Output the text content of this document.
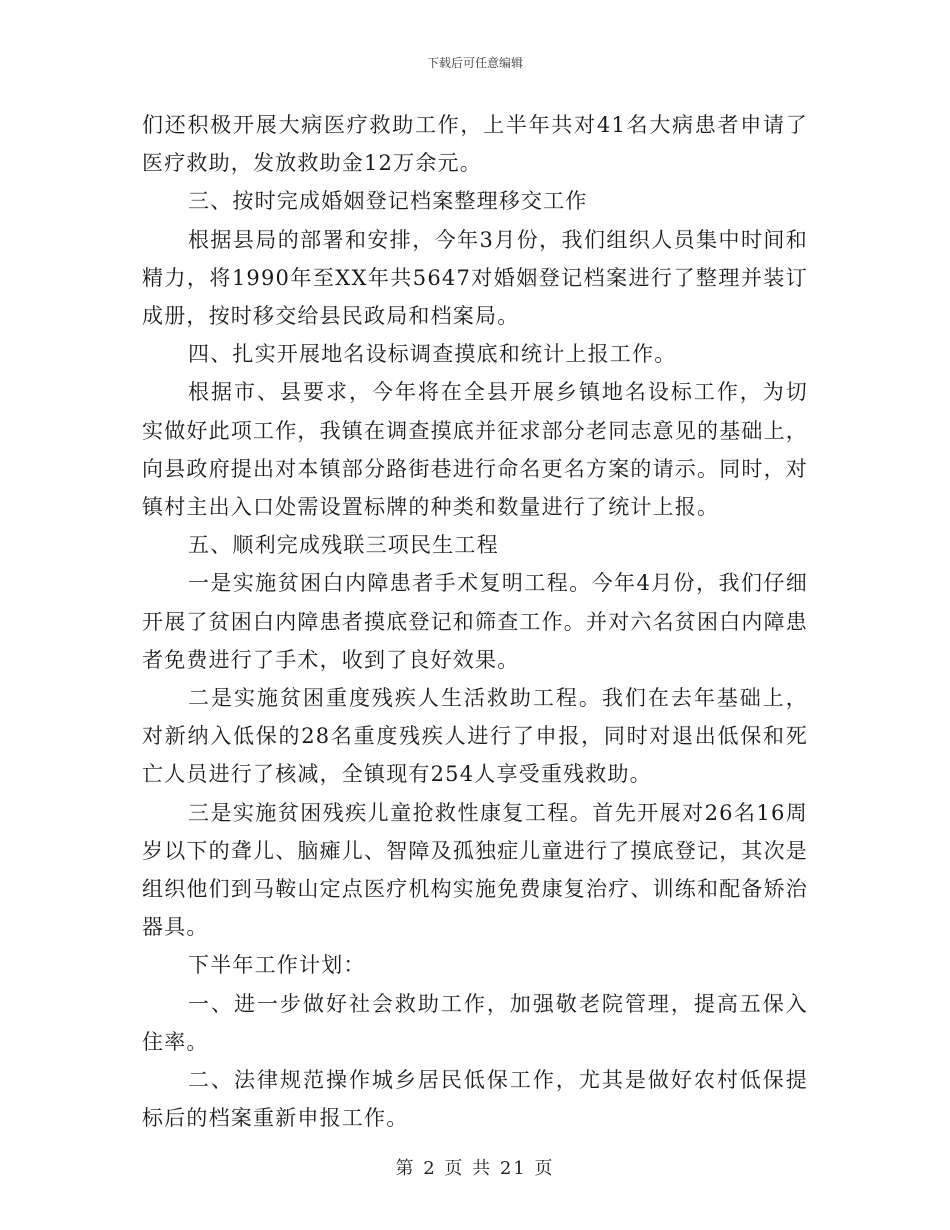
下载后可任意编辑

们还积极开展大病医疗救助工作，上半年共对41名大病患者申请了医疗救助，发放救助金12万余元。

三、按时完成婚姻登记档案整理移交工作

根据县局的部署和安排，今年3月份，我们组织人员集中时间和精力，将1990年至XX年共5647对婚姻登记档案进行了整理并装订成册，按时移交给县民政局和档案局。

四、扎实开展地名设标调查摸底和统计上报工作。

根据市、县要求，今年将在全县开展乡镇地名设标工作，为切实做好此项工作，我镇在调查摸底并征求部分老同志意见的基础上，向县政府提出对本镇部分路街巷进行命名更名方案的请示。同时，对镇村主出入口处需设置标牌的种类和数量进行了统计上报。

五、顺利完成残联三项民生工程

一是实施贫困白内障患者手术复明工程。今年4月份，我们仔细开展了贫困白内障患者摸底登记和筛查工作。并对六名贫困白内障患者免费进行了手术，收到了良好效果。

二是实施贫困重度残疾人生活救助工程。我们在去年基础上，对新纳入低保的28名重度残疾人进行了申报，同时对退出低保和死亡人员进行了核减，全镇现有254人享受重残救助。

三是实施贫困残疾儿童抢救性康复工程。首先开展对26名16周岁以下的聋儿、脑瘫儿、智障及孤独症儿童进行了摸底登记，其次是组织他们到马鞍山定点医疗机构实施免费康复治疗、训练和配备矫治器具。

下半年工作计划：

一、进一步做好社会救助工作，加强敬老院管理，提高五保入住率。

二、法律规范操作城乡居民低保工作，尤其是做好农村低保提标后的档案重新申报工作。

第 2 页 共 21 页
